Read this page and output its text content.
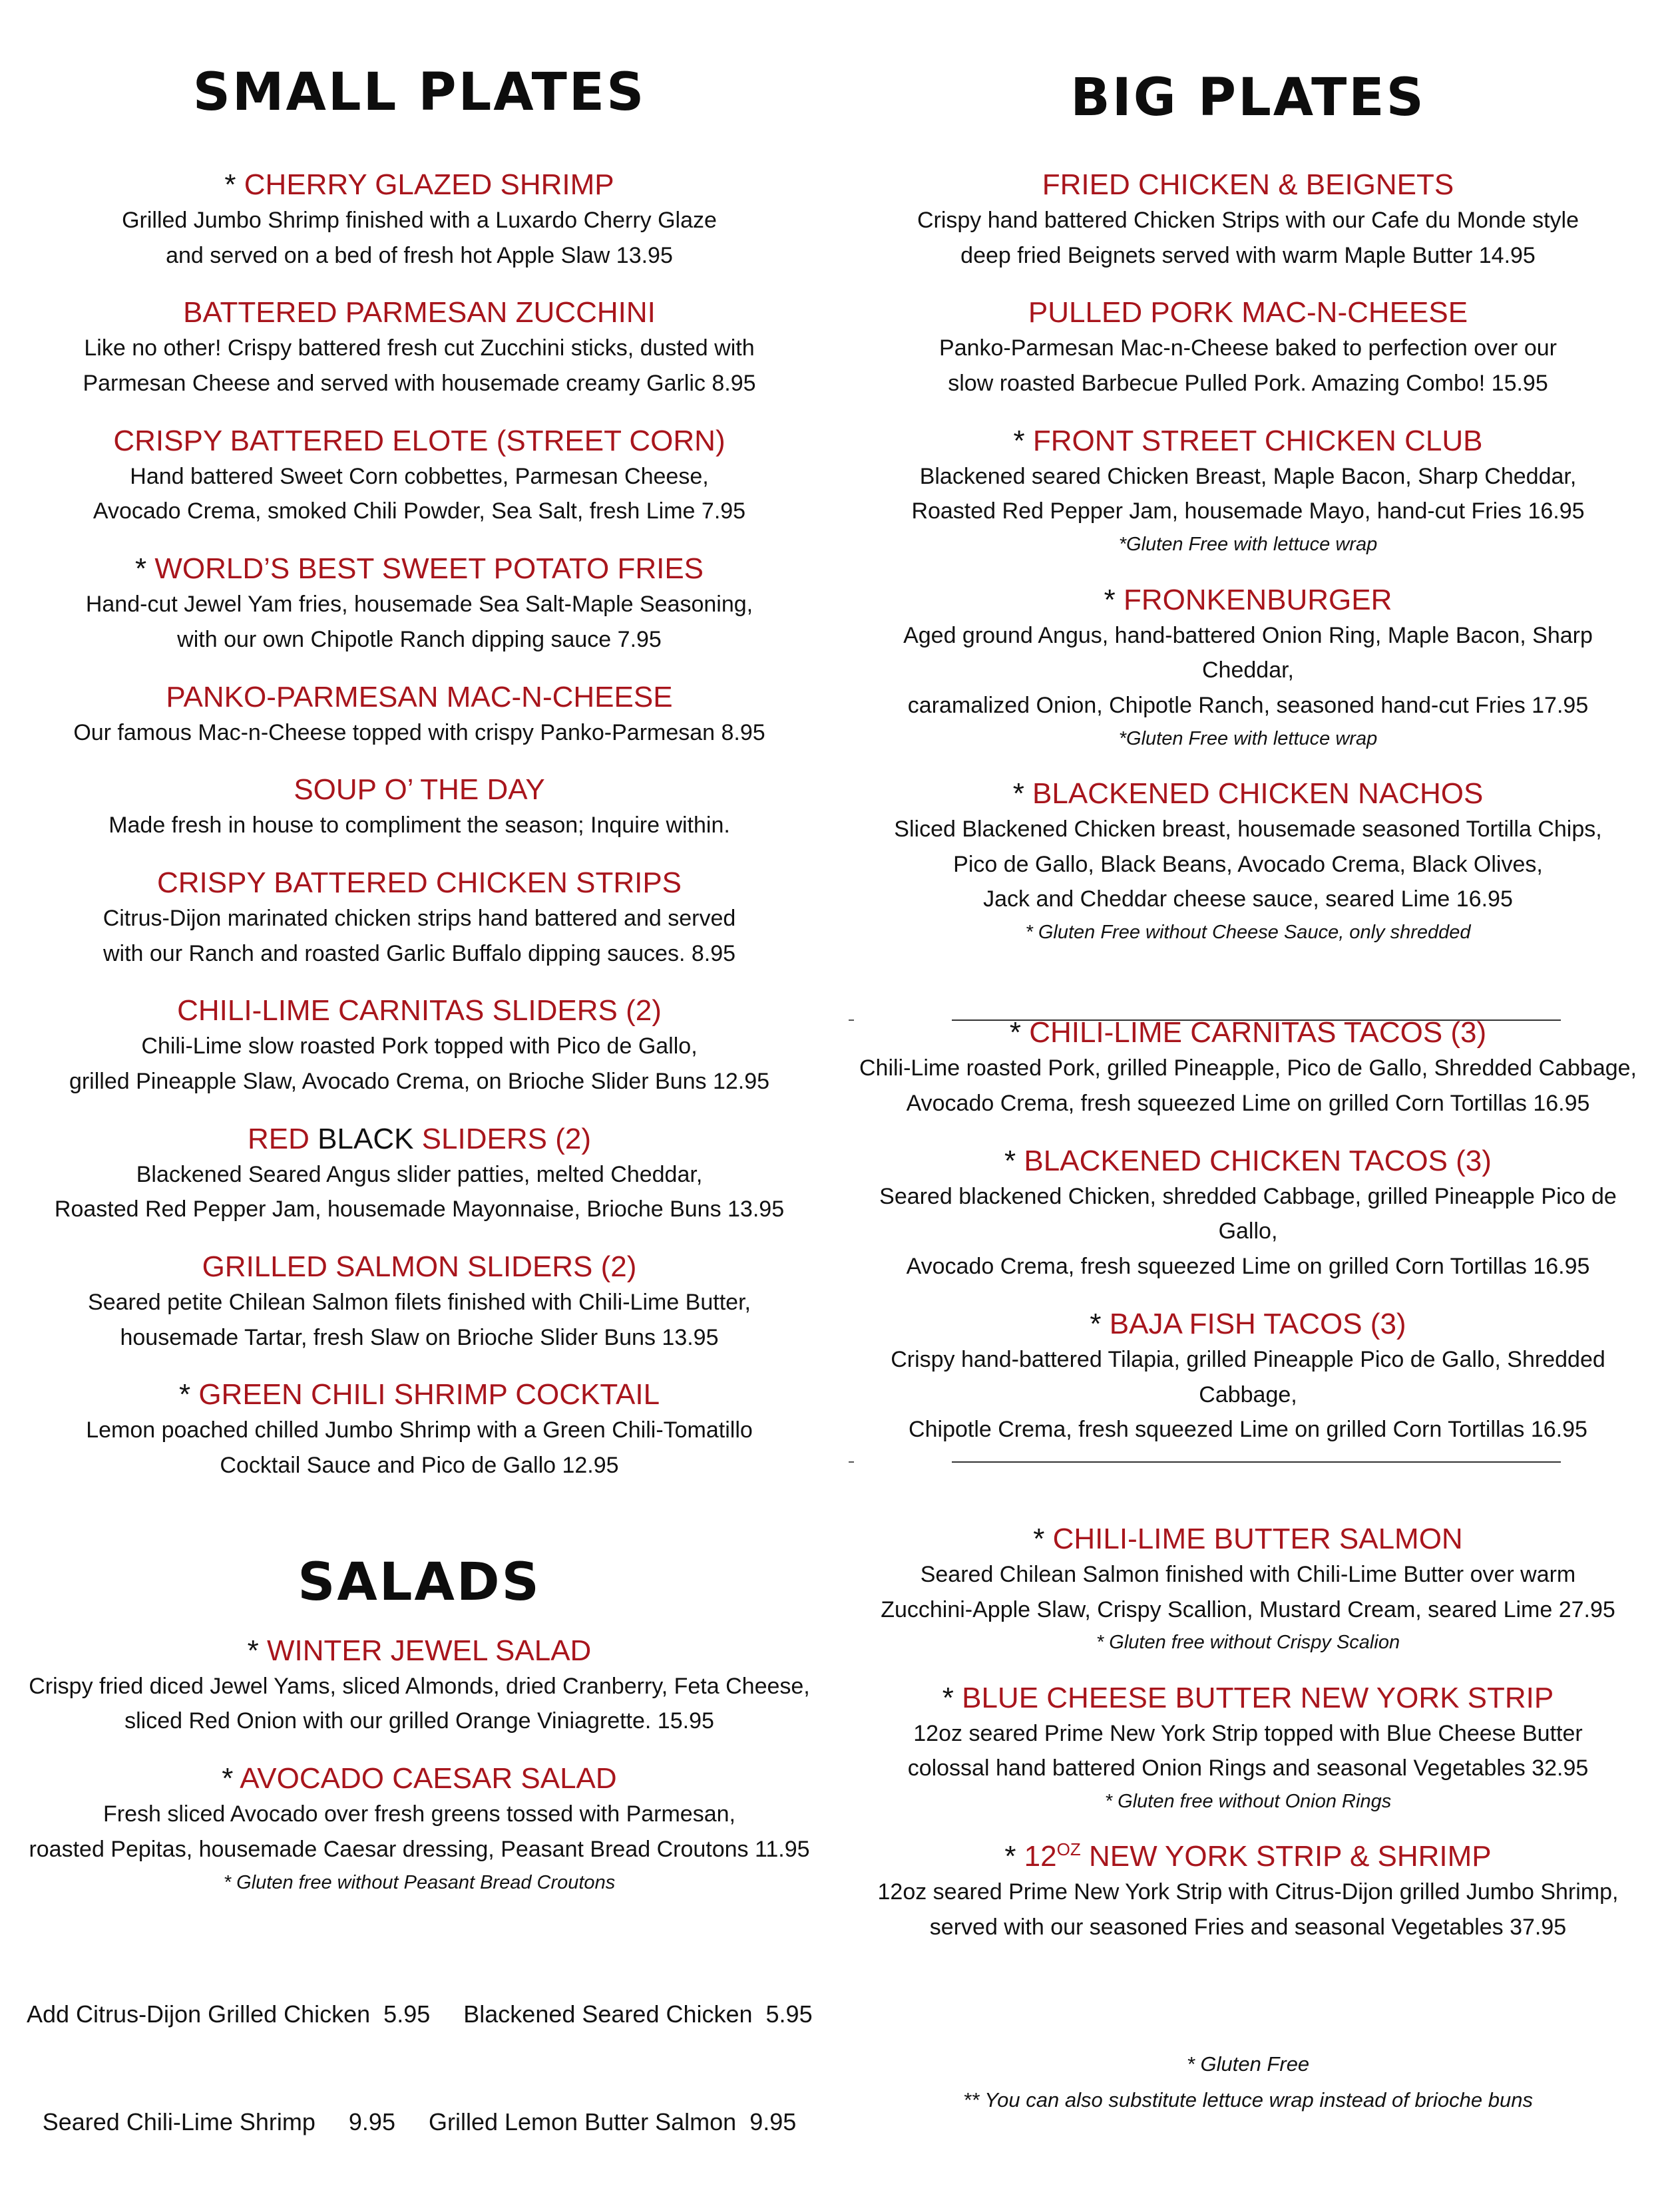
SMALL PLATES

* CHERRY GLAZED SHRIMP

Grilled Jumbo Shrimp finished with a Luxardo Cherry Glaze

and served on a bed of fresh hot Apple Slaw 13.95

BATTERED PARMESAN ZUCCHINI

Like no other! Crispy battered fresh cut Zucchini sticks, dusted with

Parmesan Cheese and served with housemade creamy Garlic 8.95

CRISPY BATTERED ELOTE (STREET CORN)

Hand battered Sweet Corn cobbettes, Parmesan Cheese,

Avocado Crema, smoked Chili Powder, Sea Salt, fresh Lime 7.95

* WORLD’S BEST SWEET POTATO FRIES

Hand-cut Jewel Yam fries, housemade Sea Salt-Maple Seasoning,

with our own Chipotle Ranch dipping sauce 7.95

PANKO-PARMESAN MAC-N-CHEESE

Our famous Mac-n-Cheese topped with crispy Panko-Parmesan 8.95

SOUP O’ THE DAY

Made fresh in house to compliment the season; Inquire within.

CRISPY BATTERED CHICKEN STRIPS

Citrus-Dijon marinated chicken strips hand battered and served

with our Ranch and roasted Garlic Buffalo dipping sauces. 8.95

CHILI-LIME CARNITAS SLIDERS (2)

Chili-Lime slow roasted Pork topped with Pico de Gallo,

grilled Pineapple Slaw, Avocado Crema, on Brioche Slider Buns 12.95

RED BLACK SLIDERS (2)

Blackened Seared Angus slider patties, melted Cheddar,

Roasted Red Pepper Jam, housemade Mayonnaise, Brioche Buns 13.95

GRILLED SALMON SLIDERS (2)

Seared petite Chilean Salmon filets finished with Chili-Lime Butter,

housemade Tartar, fresh Slaw on Brioche Slider Buns 13.95

* GREEN CHILI SHRIMP COCKTAIL

Lemon poached chilled Jumbo Shrimp with a Green Chili-Tomatillo

Cocktail Sauce and Pico de Gallo 12.95

SALADS

* WINTER JEWEL SALAD

Crispy fried diced Jewel Yams, sliced Almonds, dried Cranberry, Feta Cheese,

sliced Red Onion with our grilled Orange Viniagrette. 15.95

* AVOCADO CAESAR SALAD

Fresh sliced Avocado over fresh greens tossed with Parmesan,

roasted Pepitas, housemade Caesar dressing, Peasant Bread Croutons 11.95

* Gluten free without Peasant Bread Croutons

Add Citrus-Dijon Grilled Chicken  5.95     Blackened Seared Chicken  5.95

Seared Chili-Lime Shrimp     9.95     Grilled Lemon Butter Salmon  9.95

BIG PLATES

FRIED CHICKEN & BEIGNETS

Crispy hand battered Chicken Strips with our Cafe du Monde style

deep fried Beignets served with warm Maple Butter 14.95

PULLED PORK MAC-N-CHEESE

Panko-Parmesan Mac-n-Cheese baked to perfection over our

slow roasted Barbecue Pulled Pork. Amazing Combo! 15.95

* FRONT STREET CHICKEN CLUB

Blackened seared Chicken Breast, Maple Bacon, Sharp Cheddar,

Roasted Red Pepper Jam, housemade Mayo, hand-cut Fries 16.95

*Gluten Free with lettuce wrap

* FRONKENBURGER

Aged ground Angus, hand-battered Onion Ring, Maple Bacon, Sharp Cheddar,

caramalized Onion, Chipotle Ranch, seasoned hand-cut Fries 17.95

*Gluten Free with lettuce wrap

* BLACKENED CHICKEN NACHOS

Sliced Blackened Chicken breast, housemade seasoned Tortilla Chips,

Pico de Gallo, Black Beans, Avocado Crema, Black Olives,

Jack and Cheddar cheese sauce, seared Lime 16.95

* Gluten Free without Cheese Sauce, only shredded

* CHILI-LIME CARNITAS TACOS (3)

Chili-Lime roasted Pork, grilled Pineapple, Pico de Gallo, Shredded Cabbage,

Avocado Crema, fresh squeezed Lime on grilled Corn Tortillas 16.95

* BLACKENED CHICKEN TACOS (3)

Seared blackened Chicken, shredded Cabbage, grilled Pineapple Pico de Gallo,

Avocado Crema, fresh squeezed Lime on grilled Corn Tortillas 16.95

* BAJA FISH TACOS (3)

Crispy hand-battered Tilapia, grilled Pineapple Pico de Gallo, Shredded Cabbage,

Chipotle Crema, fresh squeezed Lime on grilled Corn Tortillas 16.95

* CHILI-LIME BUTTER SALMON

Seared Chilean Salmon finished with Chili-Lime Butter over warm

Zucchini-Apple Slaw, Crispy Scallion, Mustard Cream, seared Lime 27.95

* Gluten free without Crispy Scalion

* BLUE CHEESE BUTTER NEW YORK STRIP

12oz seared Prime New York Strip topped with Blue Cheese Butter

colossal hand battered Onion Rings and seasonal Vegetables 32.95

* Gluten free without Onion Rings

* $12^{OZ}$ NEW YORK STRIP & SHRIMP

12oz seared Prime New York Strip with Citrus-Dijon grilled Jumbo Shrimp,

served with our seasoned Fries and seasonal Vegetables 37.95

* Gluten Free

** You can also substitute lettuce wrap instead of brioche buns
